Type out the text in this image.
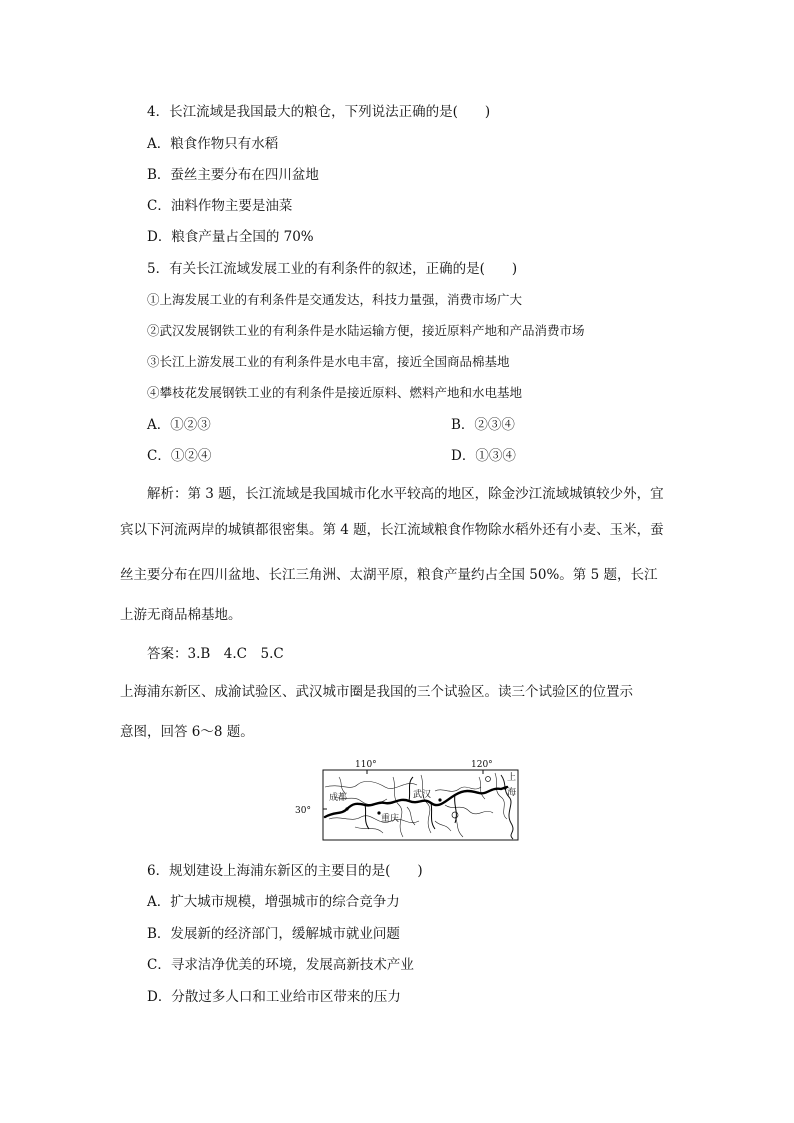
4．长江流域是我国最大的粮仓，下列说法正确的是(　　)
A．粮食作物只有水稻
B．蚕丝主要分布在四川盆地
C．油料作物主要是油菜
D．粮食产量占全国的 70%
5．有关长江流域发展工业的有利条件的叙述，正确的是(　　)
①上海发展工业的有利条件是交通发达，科技力量强，消费市场广大
②武汉发展钢铁工业的有利条件是水陆运输方便，接近原料产地和产品消费市场
③长江上游发展工业的有利条件是水电丰富，接近全国商品棉基地
④攀枝花发展钢铁工业的有利条件是接近原料、燃料产地和水电基地
A．①②③	B．②③④
C．①②④	D．①③④
解析：第 3 题，长江流域是我国城市化水平较高的地区，除金沙江流域城镇较少外，宜
宾以下河流两岸的城镇都很密集。第 4 题，长江流域粮食作物除水稻外还有小麦、玉米，蚕
丝主要分布在四川盆地、长江三角洲、太湖平原，粮食产量约占全国 50%。第 5 题，长江
上游无商品棉基地。
答案：3.B　4.C　5.C
上海浦东新区、成渝试验区、武汉城市圈是我国的三个试验区。读三个试验区的位置示
意图，回答 6～8 题。
110°	120°
30°
成都
重庆
武汉
上
海
6．规划建设上海浦东新区的主要目的是(　　)
A．扩大城市规模，增强城市的综合竞争力
B．发展新的经济部门，缓解城市就业问题
C．寻求洁净优美的环境，发展高新技术产业
D．分散过多人口和工业给市区带来的压力
